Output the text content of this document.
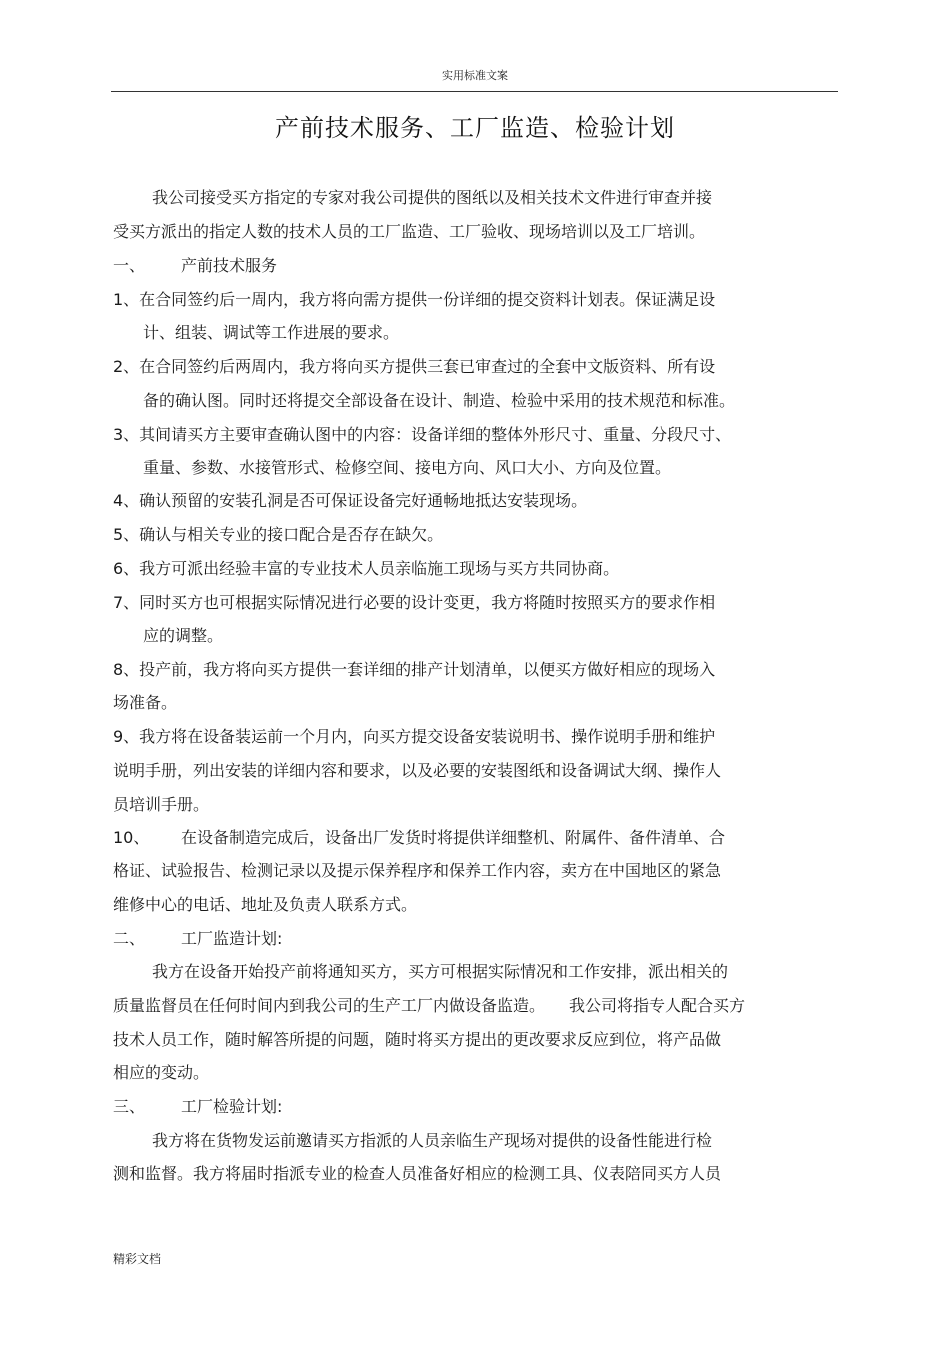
实用标准文案
产前技术服务、工厂监造、检验计划
我公司接受买方指定的专家对我公司提供的图纸以及相关技术文件进行审查并接
受买方派出的指定人数的技术人员的工厂监造、工厂验收、现场培训以及工厂培训。
一、 产前技术服务
1、在合同签约后一周内，我方将向需方提供一份详细的提交资料计划表。保证满足设
计、组装、调试等工作进展的要求。
2、在合同签约后两周内，我方将向买方提供三套已审查过的全套中文版资料、所有设
备的确认图。同时还将提交全部设备在设计、制造、检验中采用的技术规范和标准。
3、其间请买方主要审查确认图中的内容：设备详细的整体外形尺寸、重量、分段尺寸、
重量、参数、水接管形式、检修空间、接电方向、风口大小、方向及位置。
4、确认预留的安装孔洞是否可保证设备完好通畅地抵达安装现场。
5、确认与相关专业的接口配合是否存在缺欠。
6、我方可派出经验丰富的专业技术人员亲临施工现场与买方共同协商。
7、同时买方也可根据实际情况进行必要的设计变更，我方将随时按照买方的要求作相
应的调整。
8、投产前，我方将向买方提供一套详细的排产计划清单，以便买方做好相应的现场入
场准备。
9、我方将在设备装运前一个月内，向买方提交设备安装说明书、操作说明手册和维护
说明手册，列出安装的详细内容和要求，以及必要的安装图纸和设备调试大纲、操作人
员培训手册。
10、 在设备制造完成后，设备出厂发货时将提供详细整机、附属件、备件清单、合
格证、试验报告、检测记录以及提示保养程序和保养工作内容，卖方在中国地区的紧急
维修中心的电话、地址及负责人联系方式。
二、 工厂监造计划:
我方在设备开始投产前将通知买方，买方可根据实际情况和工作安排，派出相关的
质量监督员在任何时间内到我公司的生产工厂内做设备监造。　　我公司将指专人配合买方
技术人员工作，随时解答所提的问题，随时将买方提出的更改要求反应到位，将产品做
相应的变动。
三、 工厂检验计划:
我方将在货物发运前邀请买方指派的人员亲临生产现场对提供的设备性能进行检
测和监督。我方将届时指派专业的检查人员准备好相应的检测工具、仪表陪同买方人员
精彩文档
